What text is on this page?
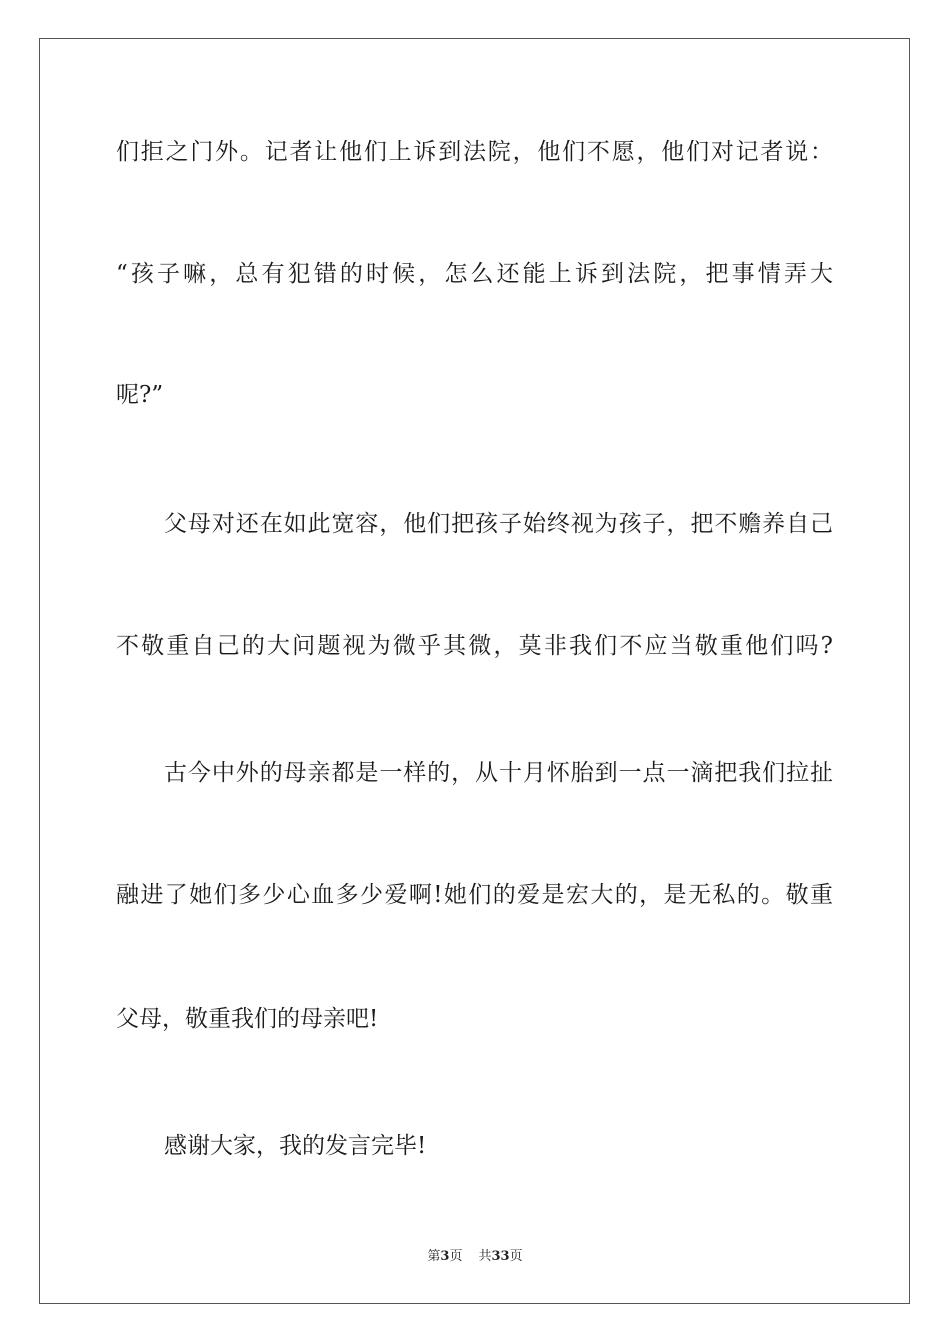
们拒之门外。记者让他们上诉到法院，他们不愿，他们对记者说：
“孩子嘛，总有犯错的时候，怎么还能上诉到法院，把事情弄大
呢?”
父母对还在如此宽容，他们把孩子始终视为孩子，把不赡养自己
不敬重自己的大问题视为微乎其微，莫非我们不应当敬重他们吗?
古今中外的母亲都是一样的，从十月怀胎到一点一滴把我们拉扯
融进了她们多少心血多少爱啊!她们的爱是宏大的，是无私的。敬重
父母，敬重我们的母亲吧!
感谢大家，我的发言完毕!
第3页 共33页
